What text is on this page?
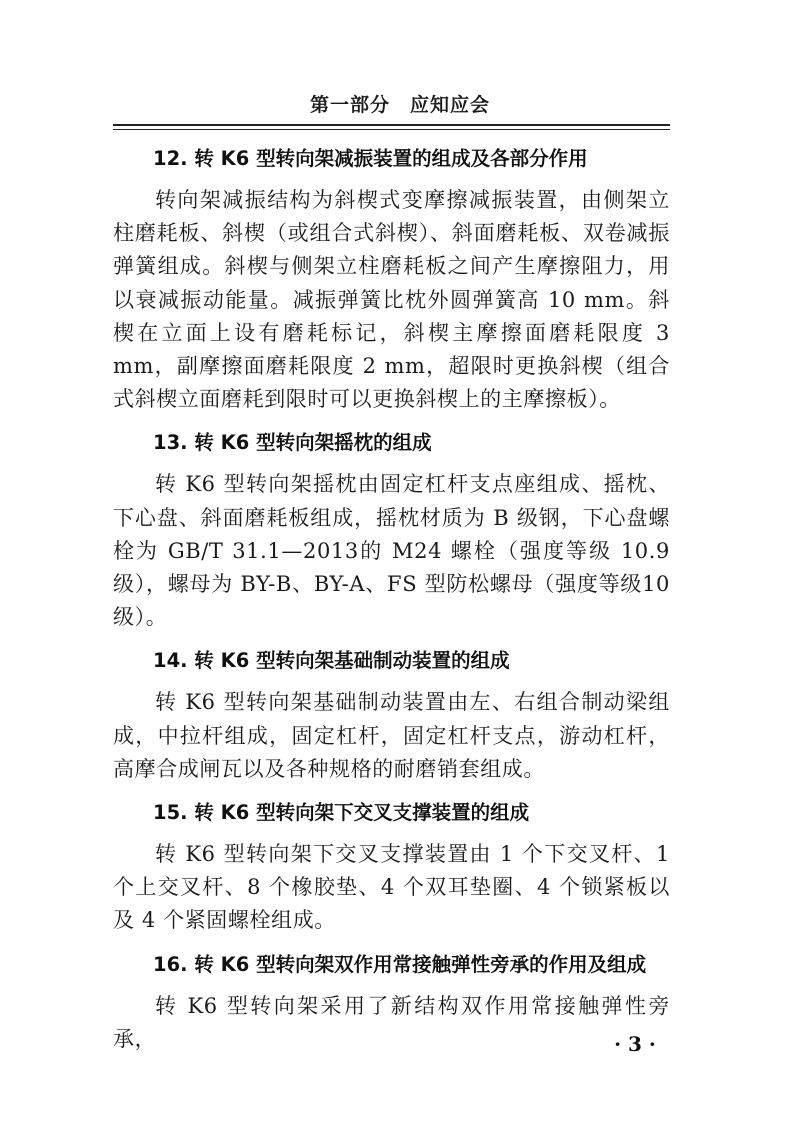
第一部分　应知应会
12. 转 K6 型转向架减振装置的组成及各部分作用

转向架减振结构为斜楔式变摩擦减振装置，由侧架立柱磨耗板、斜楔（或组合式斜楔）、斜面磨耗板、双卷减振弹簧组成。斜楔与侧架立柱磨耗板之间产生摩擦阻力，用以衰减振动能量。减振弹簧比枕外圆弹簧高 10 mm。斜楔在立面上设有磨耗标记，斜楔主摩擦面磨耗限度 3 mm，副摩擦面磨耗限度 2 mm，超限时更换斜楔（组合式斜楔立面磨耗到限时可以更换斜楔上的主摩擦板）。

13. 转 K6 型转向架摇枕的组成

转 K6 型转向架摇枕由固定杠杆支点座组成、摇枕、下心盘、斜面磨耗板组成，摇枕材质为 B 级钢，下心盘螺栓为 GB/T 31.1—2013的 M24 螺栓（强度等级 10.9 级），螺母为 BY-B、BY-A、FS 型防松螺母（强度等级10 级）。

14. 转 K6 型转向架基础制动装置的组成

转 K6 型转向架基础制动装置由左、右组合制动梁组成，中拉杆组成，固定杠杆，固定杠杆支点，游动杠杆，高摩合成闸瓦以及各种规格的耐磨销套组成。

15. 转 K6 型转向架下交叉支撑装置的组成

转 K6 型转向架下交叉支撑装置由 1 个下交叉杆、1 个上交叉杆、8 个橡胶垫、4 个双耳垫圈、4 个锁紧板以及 4 个紧固螺栓组成。

16. 转 K6 型转向架双作用常接触弹性旁承的作用及组成

转 K6 型转向架采用了新结构双作用常接触弹性旁承，	· 3 ·
